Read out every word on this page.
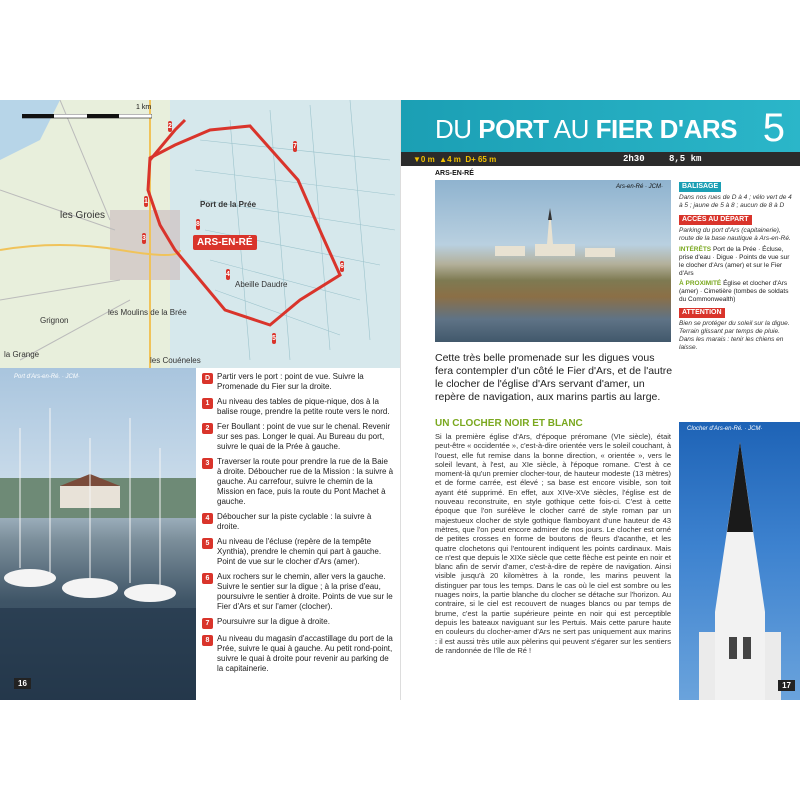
1 km
ARS-EN-RÉ
Grignon
Port de la Prée
les Groies
la Grange
les Moulins de la Brée
les Couéneles
Abeille Daudre
2
1
3
4
5
6
7
8
Port d'Ars-en-Ré. · JCM·
16
D Partir vers le port : point de vue. Suivre la Promenade du Fier sur la droite.
1 Au niveau des tables de pique-nique, dos à la balise rouge, prendre la petite route vers le nord.
2 Fer Boullant : point de vue sur le chenal. Revenir sur ses pas. Longer le quai. Au Bureau du port, suivre le quai de la Prée à gauche.
3 Traverser la route pour prendre la rue de la Baie à droite. Déboucher rue de la Mission : la suivre à gauche. Au carrefour, suivre le chemin de la Mission en face, puis la route du Pont Machet à gauche.
4 Déboucher sur la piste cyclable : la suivre à droite.
5 Au niveau de l'écluse (repère de la tempête Xynthia), prendre le chemin qui part à gauche. Point de vue sur le clocher d'Ars (amer).
6 Aux rochers sur le chemin, aller vers la gauche. Suivre le sentier sur la digue ; à la prise d'eau, poursuivre le sentier à droite. Points de vue sur le Fier d'Ars et sur l'amer (clocher).
7 Poursuivre sur la digue à droite.
8 Au niveau du magasin d'accastillage du port de la Prée, suivre le quai à gauche. Au petit rond-point, suivre le quai à droite pour revenir au parking de la capitainerie.
DU PORT AU FIER D'ARS 5
▼0 m
▲4 m
D+ 65 m	2h30	8,5 km
ARS-EN-RÉ
Ars-en-Ré · JCM·	BALISAGE
Dans nos rues de D à 4 ; vélo vert de 4 à 5 ; jaune de 5 à 8 ; aucun de 8 à D
ACCÈS AU DÉPART
Parking du port d'Ars (capitainerie), route de la base nautique à Ars-en-Ré.
INTÉRÊTS Port de la Prée · Écluse, prise d'eau · Digue · Points de vue sur le clocher d'Ars (amer) et sur le Fier d'Ars
À PROXIMITÉ Église et clocher d'Ars (amer) · Cimetière (tombes de soldats du Commonwealth)
ATTENTION
Bien se protéger du soleil sur la digue. Terrain glissant par temps de pluie. Dans les marais : tenir les chiens en laisse.
Cette très belle promenade sur les digues vous fera contempler d'un côté le Fier d'Ars, et de l'autre le clocher de l'église d'Ars servant d'amer, un repère de navigation, aux marins partis au large.
UN CLOCHER NOIR ET BLANC
Si la première église d'Ars, d'époque préromane (VIe siècle), était peut-être « occidentée », c'est-à-dire orientée vers le soleil couchant, à l'ouest, elle fut remise dans la bonne direction, « orientée », vers le soleil levant, à l'est, au XIe siècle, à l'époque romane. C'est à ce moment-là qu'un premier clocher-tour, de hauteur modeste (13 mètres) et de forme carrée, est élevé ; sa base est encore visible, son toit ayant été supprimé. En effet, aux XIVe-XVe siècles, l'église est de nouveau reconstruite, en style gothique cette fois-ci. C'est à cette époque que l'on surélève le clocher carré de style roman par un majestueux clocher de style gothique flamboyant d'une hauteur de 43 mètres, que l'on peut encore admirer de nos jours. Le clocher est orné de petites crosses en forme de boutons de fleurs d'acanthe, et les quatre clochetons qui l'entourent indiquent les points cardinaux. Mais ce n'est que depuis le XIXe siècle que cette flèche est peinte en noir et blanc afin de servir d'amer, c'est-à-dire de repère de navigation. Ainsi visible jusqu'à 20 kilomètres à la ronde, les marins peuvent la distinguer par tous les temps. Dans le cas où le ciel est sombre ou les nuages noirs, la partie blanche du clocher se détache sur l'horizon. Au contraire, si le ciel est recouvert de nuages blancs ou par temps de brume, c'est la partie supérieure peinte en noir qui est perceptible depuis les bateaux naviguant sur les Pertuis. Mais cette parure haute en couleurs du clocher-amer d'Ars ne sert pas uniquement aux marins : il est aussi très utile aux pèlerins qui peuvent s'égarer sur les sentiers de randonnée de l'île de Ré !
Clocher d'Ars-en-Ré. · JCM·
17
